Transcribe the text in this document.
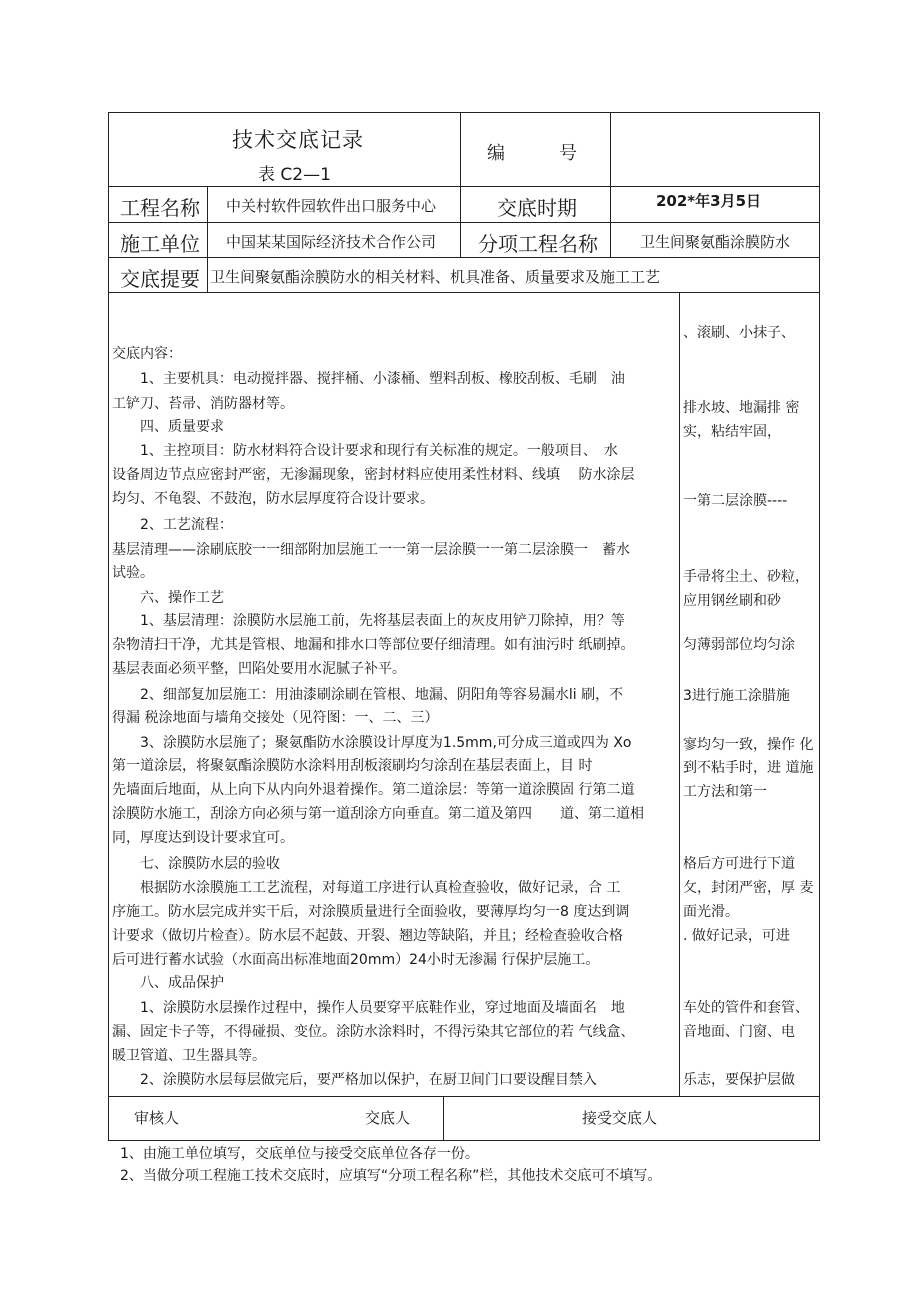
技术交底记录
表 C2—1
编　　　号
工程名称 中关村软件园软件出口服务中心	交底时期	202*年3月5日
施工单位 中国某某国际经济技术合作公司 分项工程名称	卫生间聚氨酯涂膜防水
交底提要 卫生间聚氨酯涂膜防水的相关材料、机具准备、质量要求及施工工艺
交底内容：
　　1、主要机具：电动搅拌器、搅拌桶、小漆桶、塑料刮板、橡胶刮板、毛刷　油
工铲刀、苔帚、消防器材等。
　　四、质量要求
　　1、主控项目：防水材料符合设计要求和现行有关标准的规定。一般项目、　水
设备周边节点应密封严密，无渗漏现象，密封材料应使用柔性材料、线填　 防水涂层
均匀、不龟裂、不鼓泡，防水层厚度符合设计要求。
　　2、工艺流程：
基层清理——涂刷底胶一一细部附加层施工一一第一层涂膜一一第二层涂膜一　蓄水
试验。
　　六、操作工艺
　　1、基层清理：涂膜防水层施工前，先将基层表面上的灰皮用铲刀除掉，用？等
杂物清扫干净，尤其是管根、地漏和排水口等部位要仔细清理。如有油污时 纸刷掉。
基层表面必须平整，凹陷处要用水泥腻子补平。
　　2、细部复加层施工：用油漆刷涂刷在管根、地漏、阴阳角等容易漏水li 刷，不
得漏 税涂地面与墙角交接处（见符图：一、二、三）
　　3、涂膜防水层施了；聚氨酯防水涂膜设计厚度为1.5mm,可分成三道或四为 Xo
第一道涂层，将聚氨酯涂膜防水涂料用刮板滚刷均匀涂刮在基层表面上，目 时
先墙面后地面，从上向下从内向外退着操作。第二道涂层：等第一道涂膜固 行第二道
涂膜防水施工，刮涂方向必须与第一道刮涂方向垂直。第二道及第四　　道、第二道相
同，厚度达到设计要求宜可。
　　七、涂膜防水层的验收
　　根据防水涂膜施工工艺流程，对每道工序进行认真检查验收，做好记录，合 工
序施工。防水层完成并实干后，对涂膜质量进行全面验收，要薄厚均匀一8 度达到调
计要求（做切片检查）。防水层不起鼓、开裂、翘边等缺陷，并且；经检查验收合格
后可进行蓄水试验（水面高出标准地面20mm）24小时无渗漏 行保护层施工。
　　八、成品保护
　　1、涂膜防水层操作过程中，操作人员要穿平底鞋作业，穿过地面及墙面名　地
漏、固定卡子等，不得碰损、变位。涂防水涂料时，不得污染其它部位的若 气线盒、
暖卫管道、卫生器具等。
　　2、涂膜防水层每层做完后，要严格加以保护，在厨卫间门口要设醒目禁入
、滚刷、小抹子、
排水坡、地漏排 密
实，粘结牢固，
一第二层涂膜----
手帚将尘土、砂粒，
应用钢丝刷和砂
匀薄弱部位均匀涂
3进行施工涂腊施
寥均匀一致，操作 化
到不粘手时，进 道施
工方法和第一
格后方可进行下道
攵，封闭严密，厚 麦
面光滑。
. 做好记录，可进
车处的管件和套管、
音地面、门窗、电
乐志，要保护层做
审核人	交底人	接受交底人
1、由施工单位填写，交底单位与接受交底单位各存一份。
2、当做分项工程施工技术交底时，应填写“分项工程名称”栏，其他技术交底可不填写。
